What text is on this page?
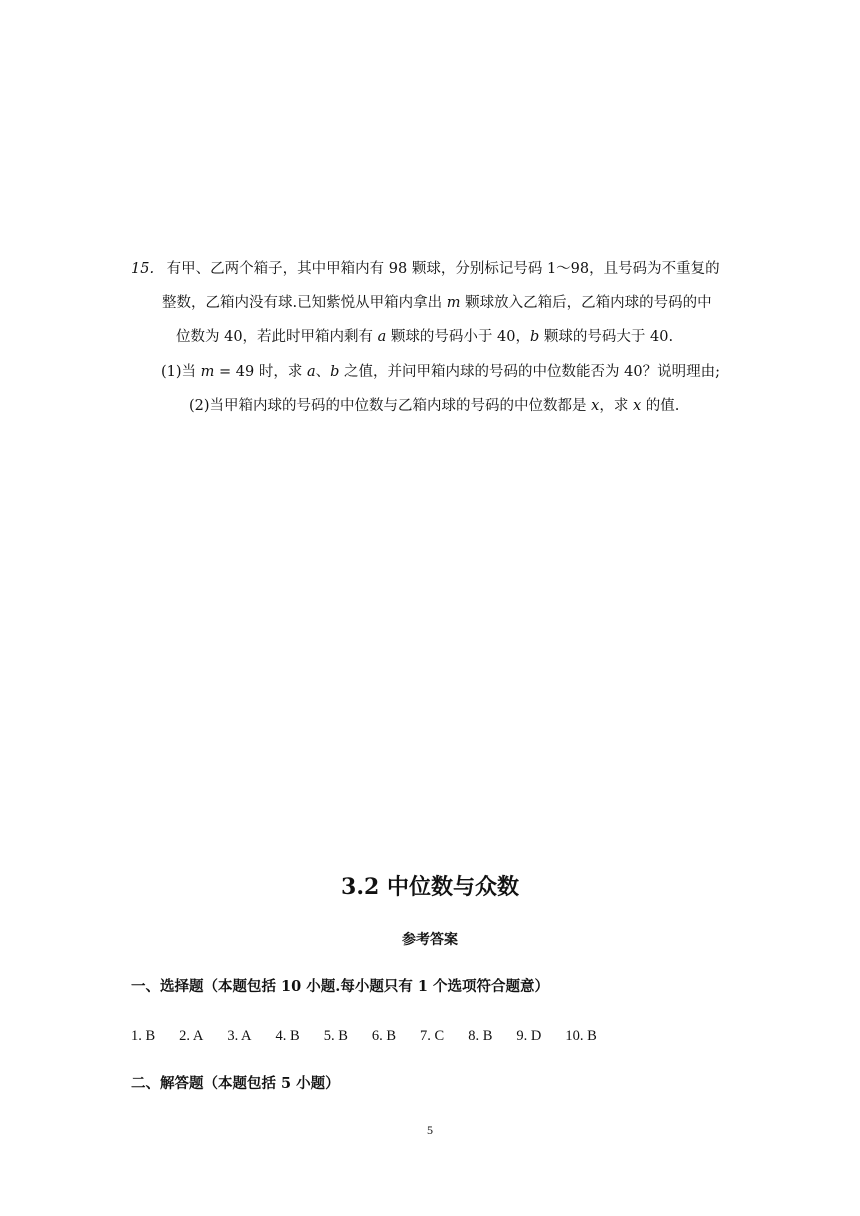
15. 有甲、乙两个箱子，其中甲箱内有 98 颗球，分别标记号码 1～98，且号码为不重复的
整数，乙箱内没有球.已知紫悦从甲箱内拿出 m 颗球放入乙箱后，乙箱内球的号码的中
位数为 40，若此时甲箱内剩有 a 颗球的号码小于 40，b 颗球的号码大于 40.
(1)当 m = 49 时，求 a、b 之值，并问甲箱内球的号码的中位数能否为 40？说明理由;
(2)当甲箱内球的号码的中位数与乙箱内球的号码的中位数都是 x，求 x 的值.
3.2 中位数与众数
参考答案
一、选择题（本题包括 10 小题.每小题只有 1 个选项符合题意）
1. B 2. A 3. A 4. B 5. B 6. B 7. C 8. B 9. D 10. B
二、解答题（本题包括 5 小题）
5
